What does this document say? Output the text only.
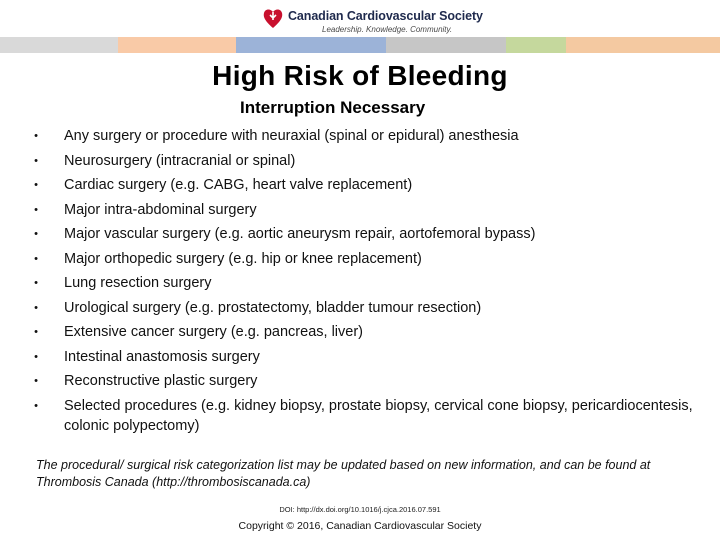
Canadian Cardiovascular Society
Leadership. Knowledge. Community.
High Risk of Bleeding
Interruption Necessary
• Any surgery or procedure with neuraxial (spinal or epidural) anesthesia
• Neurosurgery (intracranial or spinal)
• Cardiac surgery (e.g. CABG, heart valve replacement)
• Major intra-abdominal surgery
• Major vascular surgery (e.g. aortic aneurysm repair, aortofemoral bypass)
• Major orthopedic surgery (e.g. hip or knee replacement)
• Lung resection surgery
• Urological surgery (e.g. prostatectomy, bladder tumour resection)
• Extensive cancer surgery (e.g. pancreas, liver)
• Intestinal anastomosis surgery
• Reconstructive plastic surgery
• Selected procedures (e.g. kidney biopsy, prostate biopsy, cervical cone biopsy, pericardiocentesis, colonic polypectomy)
The procedural/ surgical risk categorization list may be updated based on new information, and can be found at Thrombosis Canada (http://thrombosiscanada.ca)
DOI: http://dx.doi.org/10.1016/j.cjca.2016.07.591
Copyright © 2016, Canadian Cardiovascular Society
